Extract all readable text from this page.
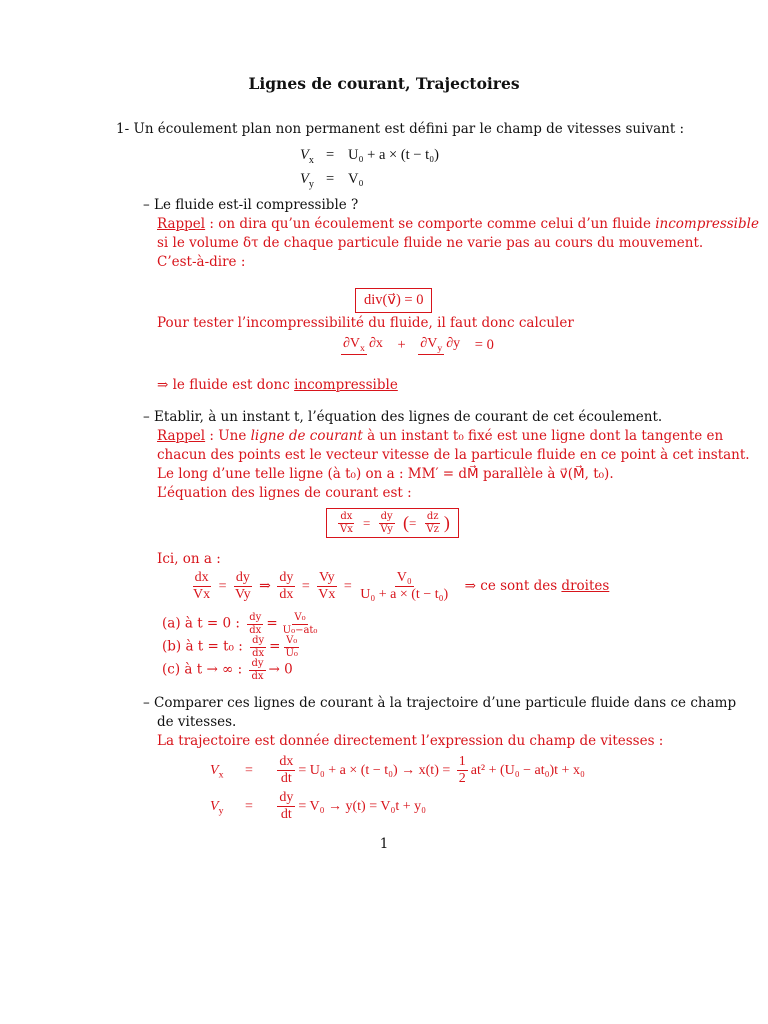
Lignes de courant, Trajectoires
1- Un écoulement plan non permanent est défini par le champ de vitesses suivant :
$V_x = U_0 + a \times (t - t_0)$
$V_y = V_0$
– Le fluide est-il compressible ?
Rappel : on dira qu’un écoulement se comporte comme celui d’un fluide incompressible
si le volume δτ de chaque particule fluide ne varie pas au cours du mouvement.
C’est-à-dire :
div(v⃗) = 0
Pour tester l’incompressibilité du fluide, il faut donc calculer
$\partial V_x$ $\partial x + \partial V_y$ ∂y = 0
⇒ le fluide est donc incompressible
– Etablir, à un instant t, l’équation des lignes de courant de cet écoulement.
Rappel : Une ligne de courant à un instant t₀ fixé est une ligne dont la tangente en
chacun des points est le vecteur vitesse de la particule fluide en ce point à cet instant.
Le long d’une telle ligne (à t₀) on a : MM′ = dM⃗ parallèle à v⃗(M⃗, t₀).
L’équation des lignes de courant est :
$\frac{dx}{Vx} = \frac{dy}{Vy}$ (= $\frac{dz}{Vz}$ )
Ici, on a :
$\frac{dx}{Vx} = \frac{dy}{Vy}$ ⇒ $\frac{dy}{dx} = \frac{Vy}{Vx} = \frac{\text{V₀}}{\text{U₀ + a × (t − t₀)}}$ ⇒ ce sont des droites
(a) à t = 0 : $\frac{dy}{dx} = \frac{\text{V₀}}{\text{U₀−at₀}}$
(b) à t = t₀ : $\frac{dy}{dx} = \frac{\text{V₀}}{\text{U₀}}$
(c) à t → ∞ : $\frac{dy}{dx} \to 0$
– Comparer ces lignes de courant à la trajectoire d’une particule fluide dans ce champ
de vitesses.
La trajectoire est donnée directement l’expression du champ de vitesses :
$V_x = \frac{dx}{dt} = U_0 + a \times (t - t_0) \to x(t) = \frac{1}{2} at^2 + (U_0 - at_0)t + x_0$
$V_y = \frac{dy}{dt} = V_0 \to y(t) = V_0t + y_0$
1
